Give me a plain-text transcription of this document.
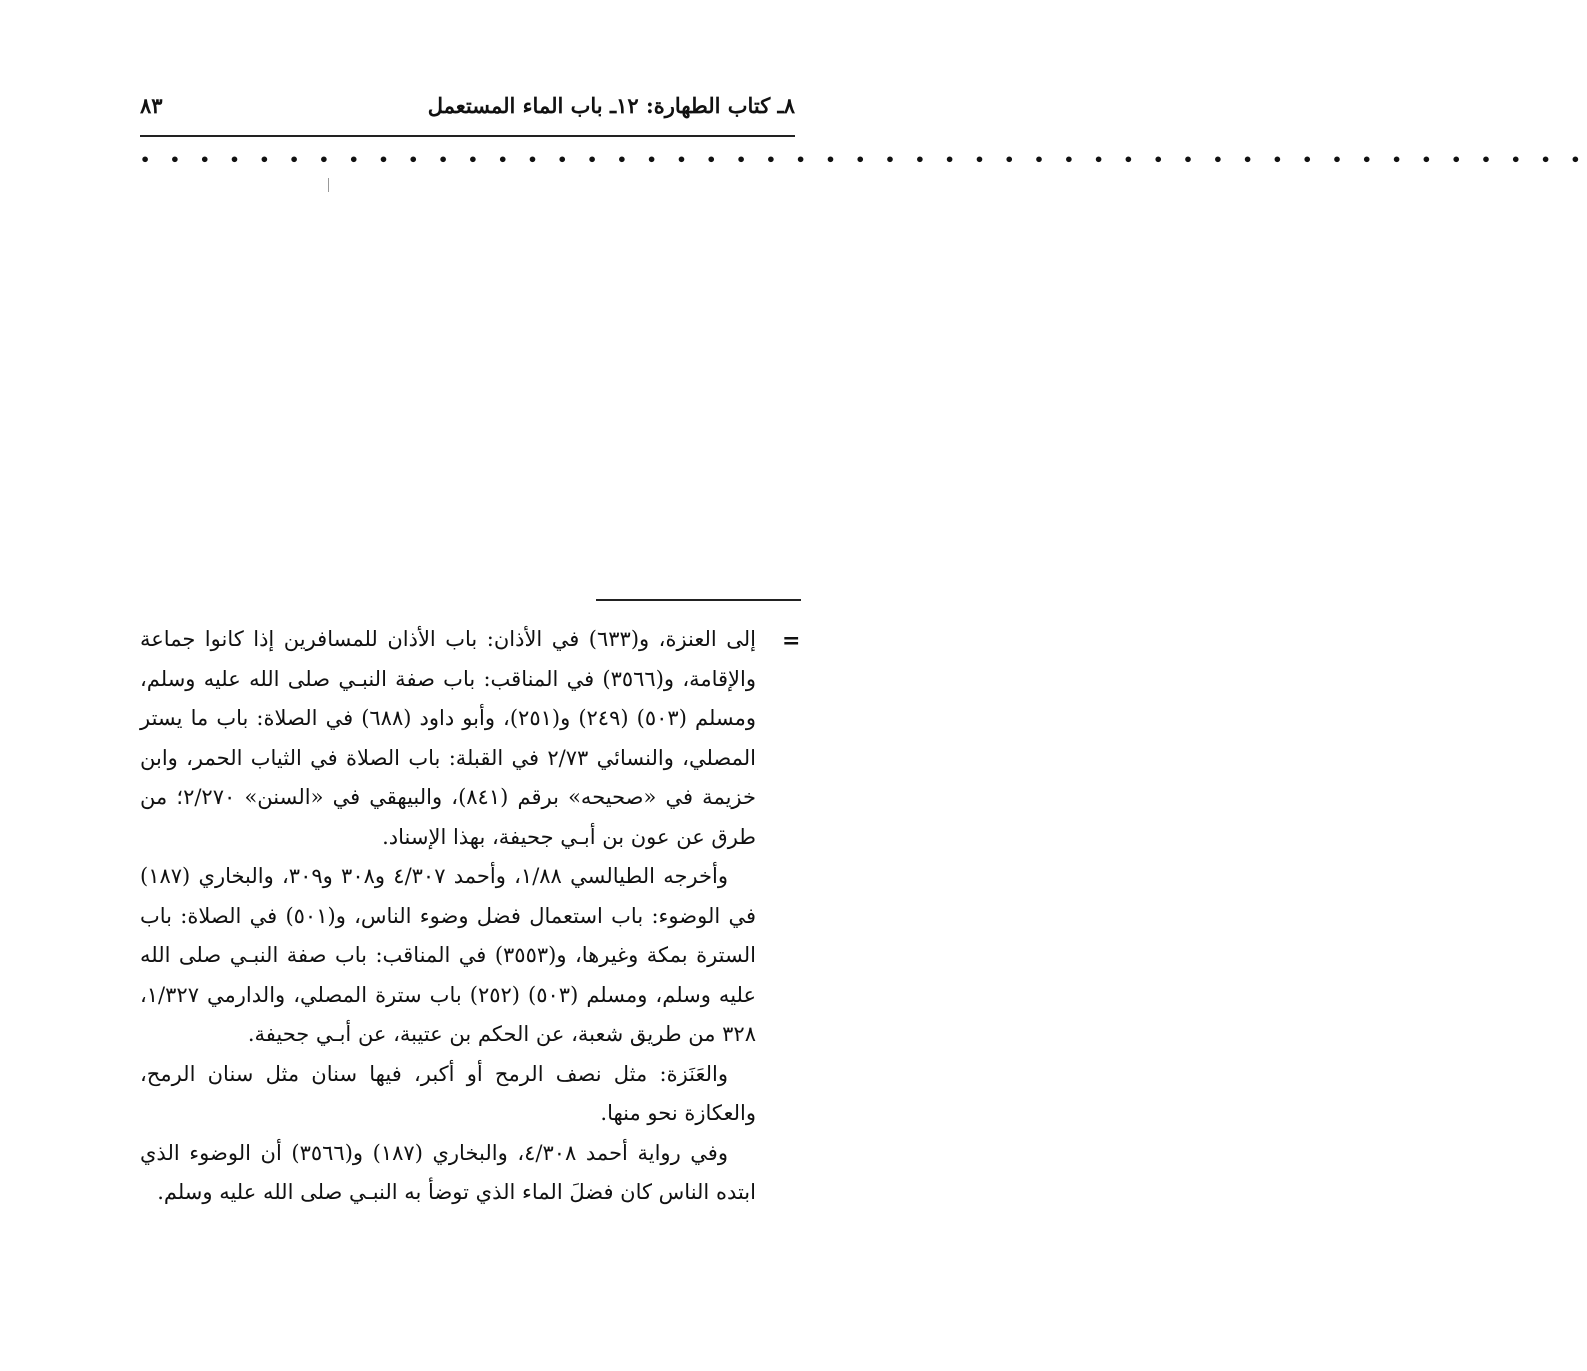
٨ـ كتاب الطهارة: ١٢ـ باب الماء المستعمل
٨٣
• • • • • • • • • • • • • • • • • • • • • • • • • • • • • • • • • • • • • • • • • • • • • • • • •
=

إلى العنزة، و(٦٣٣) في الأذان: باب الأذان للمسافرين إذا كانوا جماعة والإقامة، و(٣٥٦٦) في المناقب: باب صفة النبـي صلى الله عليه وسلم، ومسلم (٥٠٣) (٢٤٩) و(٢٥١)، وأبو داود (٦٨٨) في الصلاة: باب ما يستر المصلي، والنسائي ٢/٧٣ في القبلة: باب الصلاة في الثياب الحمر، وابن خزيمة في «صحيحه» برقم (٨٤١)، والبيهقي في «السنن» ٢/٢٧٠؛ من طرق عن عون بن أبـي جحيفة، بهذا الإسناد.

وأخرجه الطيالسي ١/٨٨، وأحمد ٤/٣٠٧ و٣٠٨ و٣٠٩، والبخاري (١٨٧) في الوضوء: باب استعمال فضل وضوء الناس، و(٥٠١) في الصلاة: باب السترة بمكة وغيرها، و(٣٥٥٣) في المناقب: باب صفة النبـي صلى الله عليه وسلم، ومسلم (٥٠٣) (٢٥٢) باب سترة المصلي، والدارمي ١/٣٢٧، ٣٢٨ من طريق شعبة، عن الحكم بن عتيبة، عن أبـي جحيفة.

والعَنَزة: مثل نصف الرمح أو أكبر، فيها سنان مثل سنان الرمح، والعكازة نحو منها.

وفي رواية أحمد ٤/٣٠٨، والبخاري (١٨٧) و(٣٥٦٦) أن الوضوء الذي ابتده الناس كان فضلَ الماء الذي توضأ به النبـي صلى الله عليه وسلم.
